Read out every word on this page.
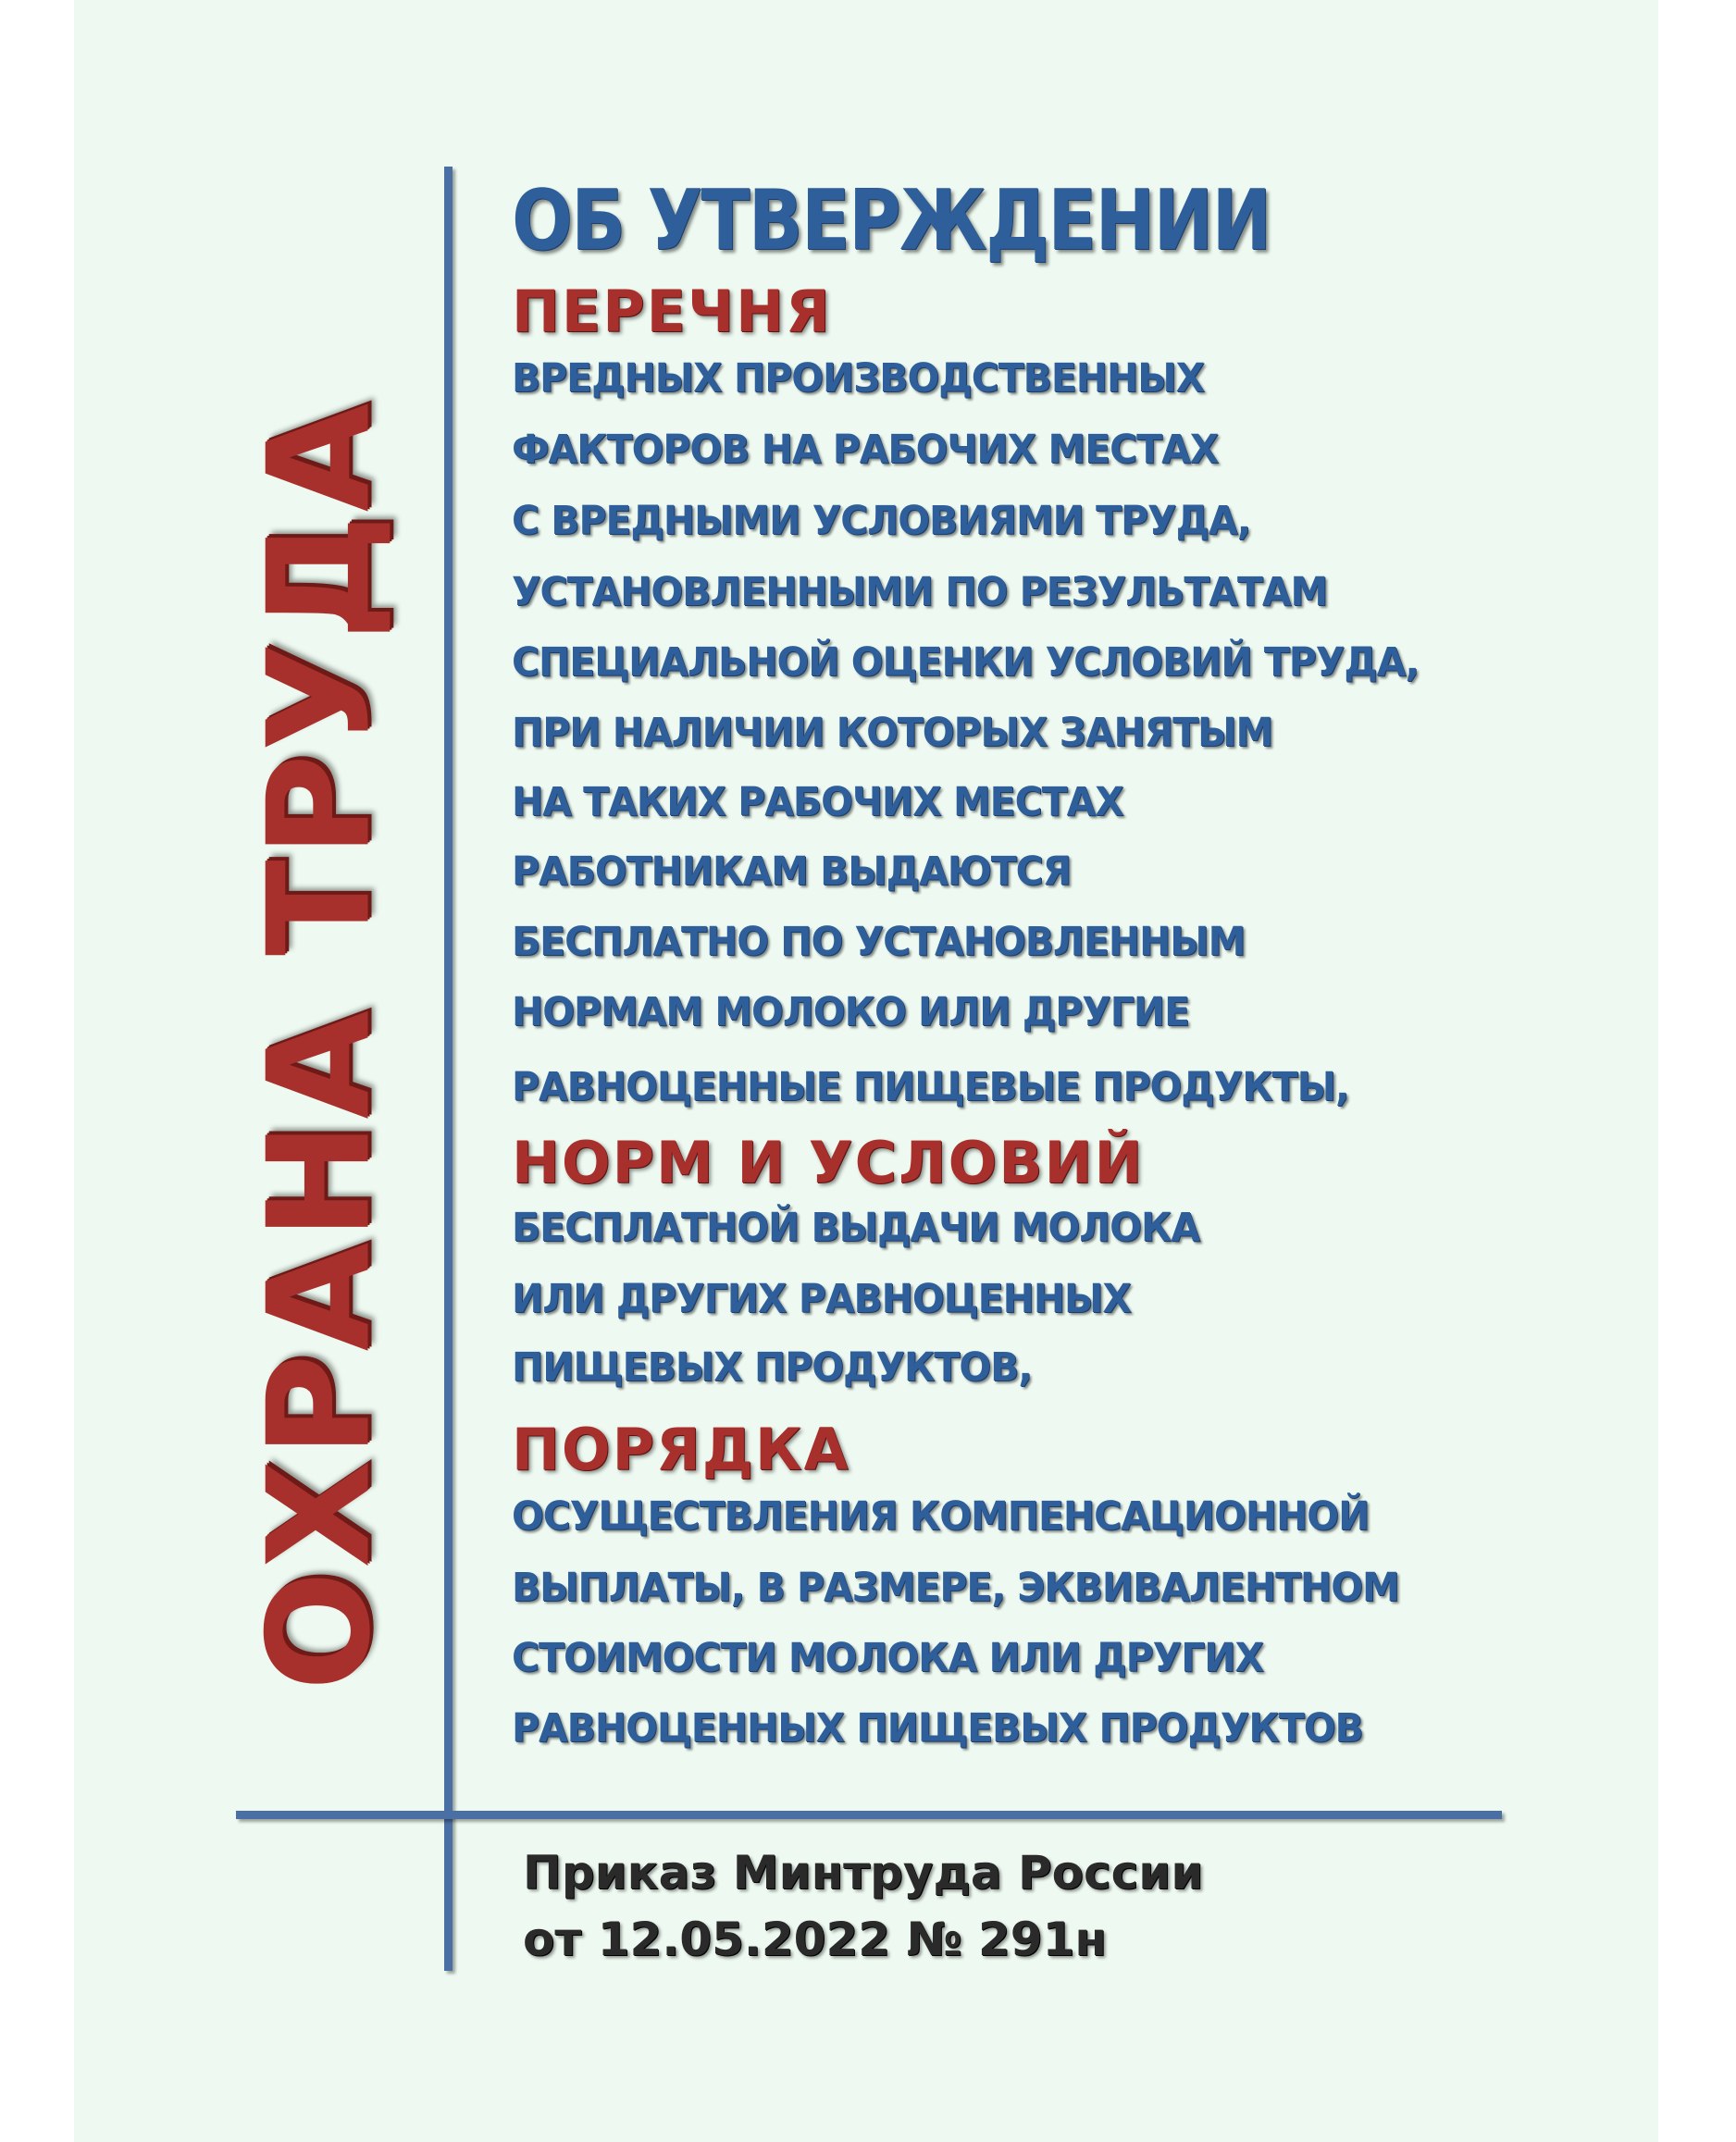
ОХРАНА ТРУДА
ОБ УТВЕРЖДЕНИИ
ПЕРЕЧНЯ
ВРЕДНЫХ ПРОИЗВОДСТВЕННЫХ
ФАКТОРОВ НА РАБОЧИХ МЕСТАХ
С ВРЕДНЫМИ УСЛОВИЯМИ ТРУДА,
УСТАНОВЛЕННЫМИ ПО РЕЗУЛЬТАТАМ
СПЕЦИАЛЬНОЙ ОЦЕНКИ УСЛОВИЙ ТРУДА,
ПРИ НАЛИЧИИ КОТОРЫХ ЗАНЯТЫМ
НА ТАКИХ РАБОЧИХ МЕСТАХ
РАБОТНИКАМ ВЫДАЮТСЯ
БЕСПЛАТНО ПО УСТАНОВЛЕННЫМ
НОРМАМ МОЛОКО ИЛИ ДРУГИЕ
РАВНОЦЕННЫЕ ПИЩЕВЫЕ ПРОДУКТЫ,
НОРМ И УСЛОВИЙ
БЕСПЛАТНОЙ ВЫДАЧИ МОЛОКА
ИЛИ ДРУГИХ РАВНОЦЕННЫХ
ПИЩЕВЫХ ПРОДУКТОВ,
ПОРЯДКА
ОСУЩЕСТВЛЕНИЯ КОМПЕНСАЦИОННОЙ
ВЫПЛАТЫ, В РАЗМЕРЕ, ЭКВИВАЛЕНТНОМ
СТОИМОСТИ МОЛОКА ИЛИ ДРУГИХ
РАВНОЦЕННЫХ ПИЩЕВЫХ ПРОДУКТОВ
Приказ Минтруда России
от 12.05.2022 № 291н
